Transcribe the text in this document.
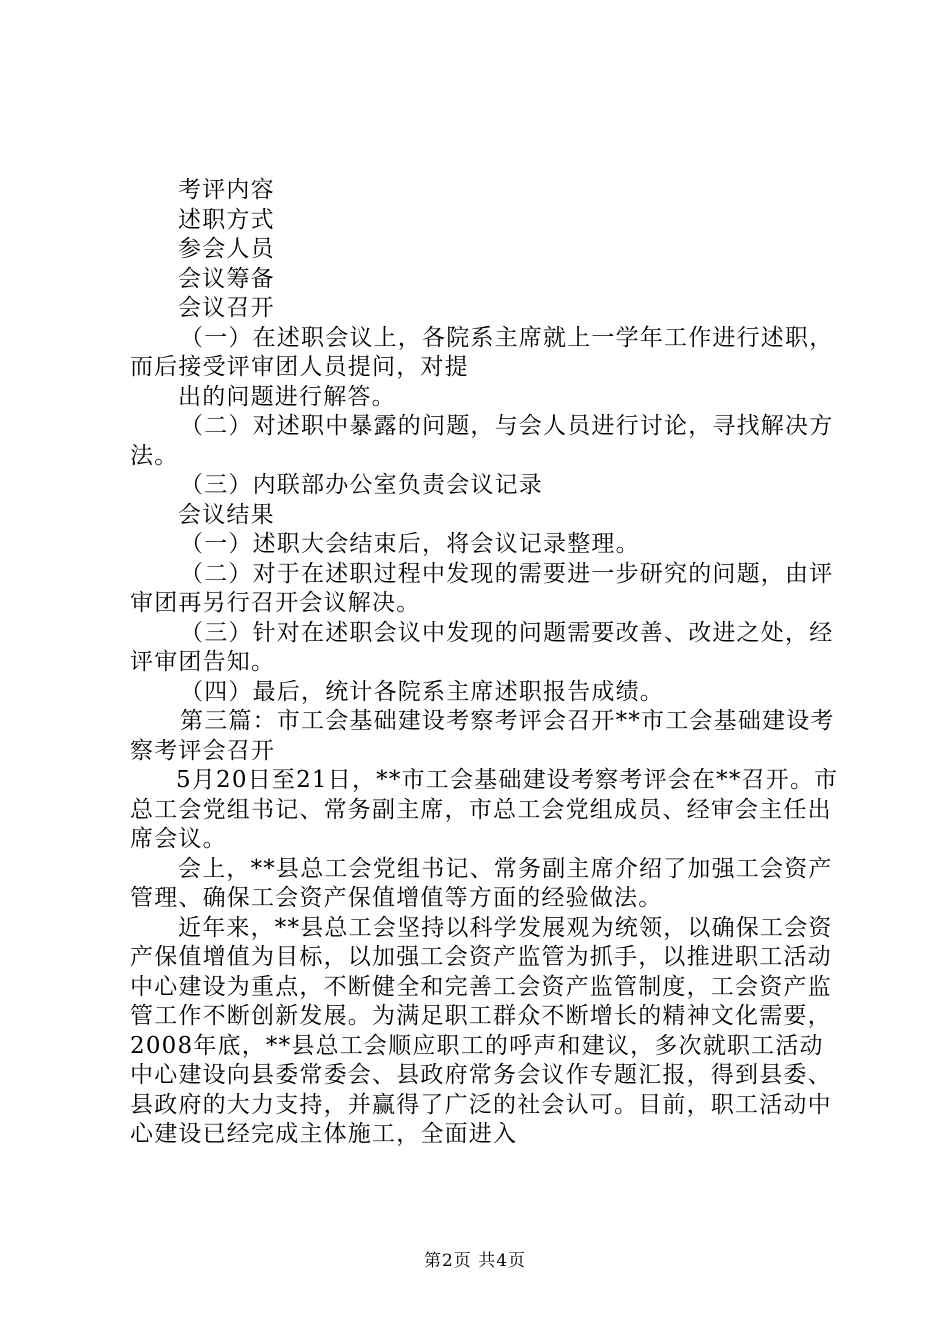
考评内容

述职方式

参会人员

会议筹备

会议召开

（一）在述职会议上，各院系主席就上一学年工作进行述职，而后接受评审团人员提问，对提

出的问题进行解答。

（二）对述职中暴露的问题，与会人员进行讨论，寻找解决方法。

（三）内联部办公室负责会议记录

会议结果

（一）述职大会结束后，将会议记录整理。

（二）对于在述职过程中发现的需要进一步研究的问题，由评审团再另行召开会议解决。

（三）针对在述职会议中发现的问题需要改善、改进之处，经评审团告知。

（四）最后，统计各院系主席述职报告成绩。

第三篇：市工会基础建设考察考评会召开**市工会基础建设考察考评会召开

5月20日至21日，**市工会基础建设考察考评会在**召开。市总工会党组书记、常务副主席，市总工会党组成员、经审会主任出席会议。

会上，**县总工会党组书记、常务副主席介绍了加强工会资产管理、确保工会资产保值增值等方面的经验做法。

近年来，**县总工会坚持以科学发展观为统领，以确保工会资产保值增值为目标，以加强工会资产监管为抓手，以推进职工活动中心建设为重点，不断健全和完善工会资产监管制度，工会资产监管工作不断创新发展。为满足职工群众不断增长的精神文化需要，2008年底，**县总工会顺应职工的呼声和建议，多次就职工活动中心建设向县委常委会、县政府常务会议作专题汇报，得到县委、县政府的大力支持，并赢得了广泛的社会认可。目前，职工活动中心建设已经完成主体施工，全面进入

第2页 共4页
